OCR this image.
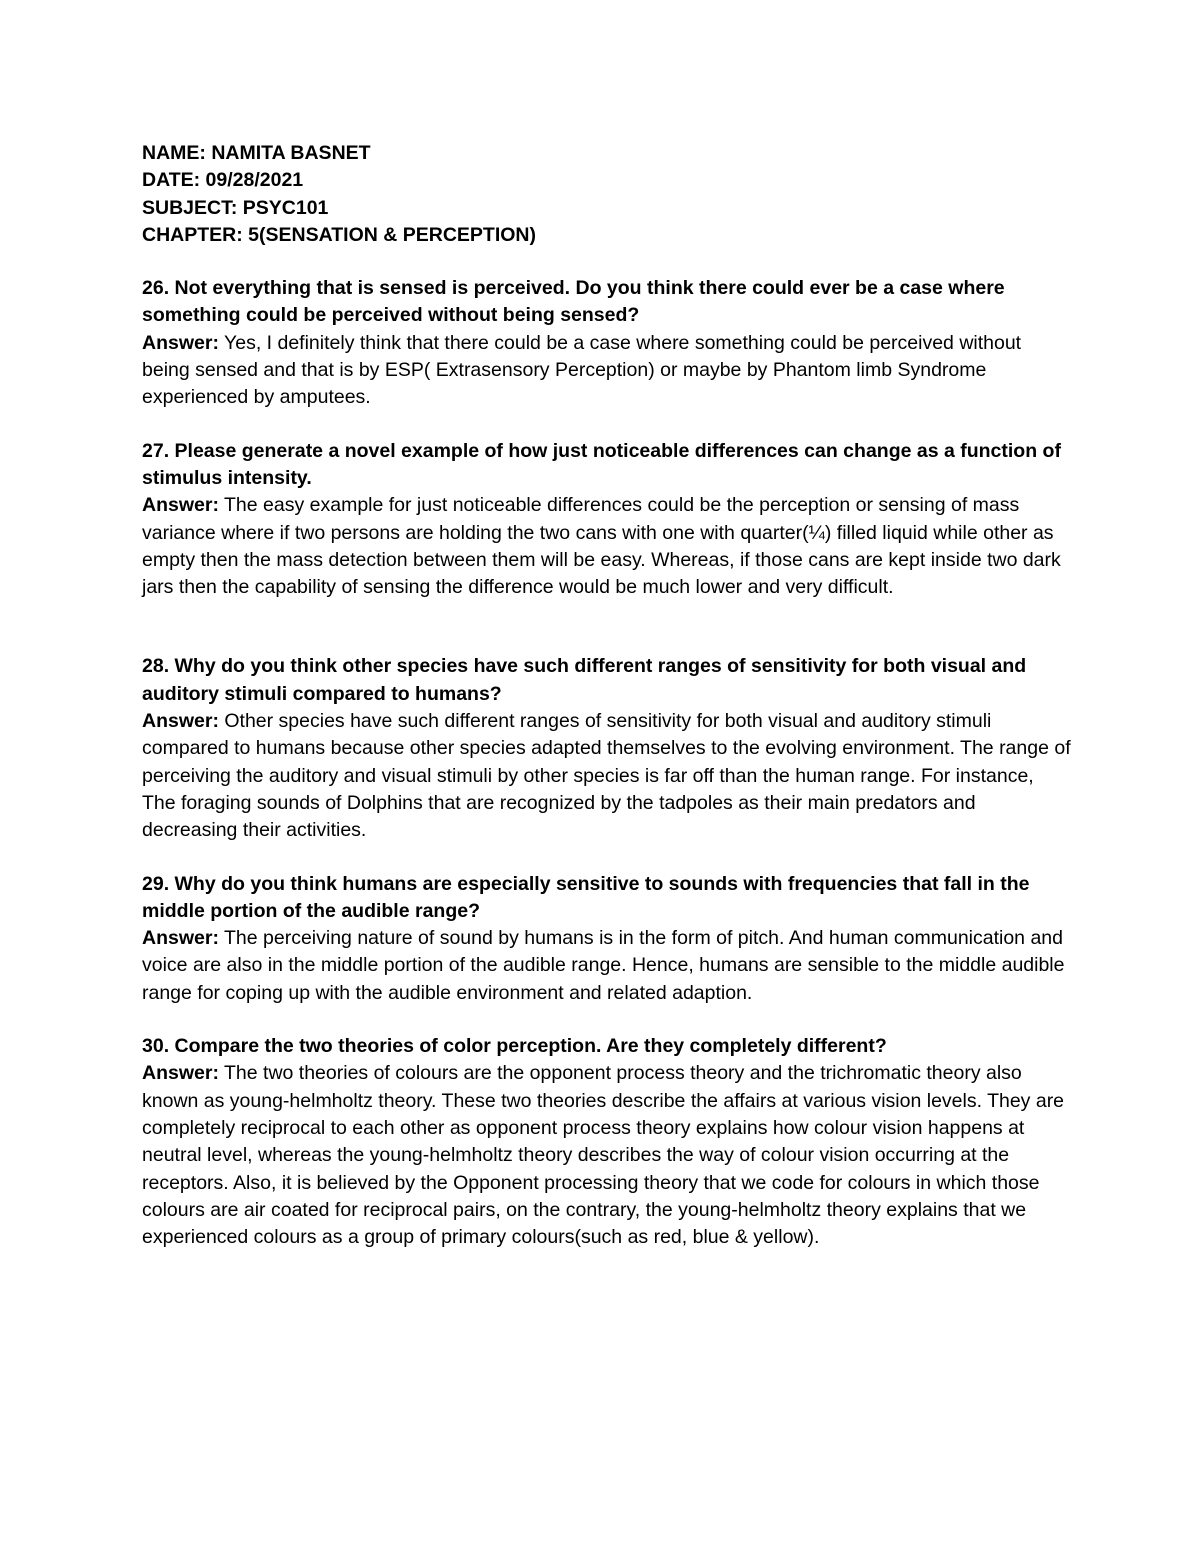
NAME: NAMITA BASNET

DATE: 09/28/2021

SUBJECT: PSYC101

CHAPTER: 5(SENSATION & PERCEPTION)

26. Not everything that is sensed is perceived. Do you think there could ever be a case where something could be perceived without being sensed?

Answer: Yes, I definitely think that there could be a case where something could be perceived without being sensed and that is by ESP( Extrasensory Perception) or maybe by Phantom limb Syndrome experienced by amputees.

27. Please generate a novel example of how just noticeable differences can change as a function of stimulus intensity.

Answer: The easy example for just noticeable differences could be the perception or sensing of mass variance where if two persons are holding the two cans with one with quarter(¼) filled liquid while other as empty then the mass detection between them will be easy. Whereas, if those cans are kept inside two dark jars then the capability of sensing the difference would be much lower and very difficult.

28. Why do you think other species have such different ranges of sensitivity for both visual and auditory stimuli compared to humans?

Answer: Other species have such different ranges of sensitivity for both visual and auditory stimuli compared to humans because other species adapted themselves to the evolving environment. The range of perceiving the auditory and visual stimuli by other species is far off than the human range. For instance, The foraging sounds of Dolphins that are recognized by the tadpoles as their main predators and decreasing their activities.

29. Why do you think humans are especially sensitive to sounds with frequencies that fall in the middle portion of the audible range?

Answer: The perceiving nature of sound by humans is in the form of pitch. And human communication and voice are also in the middle portion of the audible range. Hence, humans are sensible to the middle audible range for coping up with the audible environment and related adaption.

30. Compare the two theories of color perception. Are they completely different?

Answer: The two theories of colours are the opponent process theory and the trichromatic theory also known as young-helmholtz theory. These two theories describe the affairs at various vision levels. They are completely reciprocal to each other as opponent process theory explains how colour vision happens at neutral level, whereas the young-helmholtz theory describes the way of colour vision occurring at the receptors. Also, it is believed by the Opponent processing theory that we code for colours in which those colours are air coated for reciprocal pairs, on the contrary, the young-helmholtz theory explains that we experienced colours as a group of primary colours(such as red, blue & yellow).
